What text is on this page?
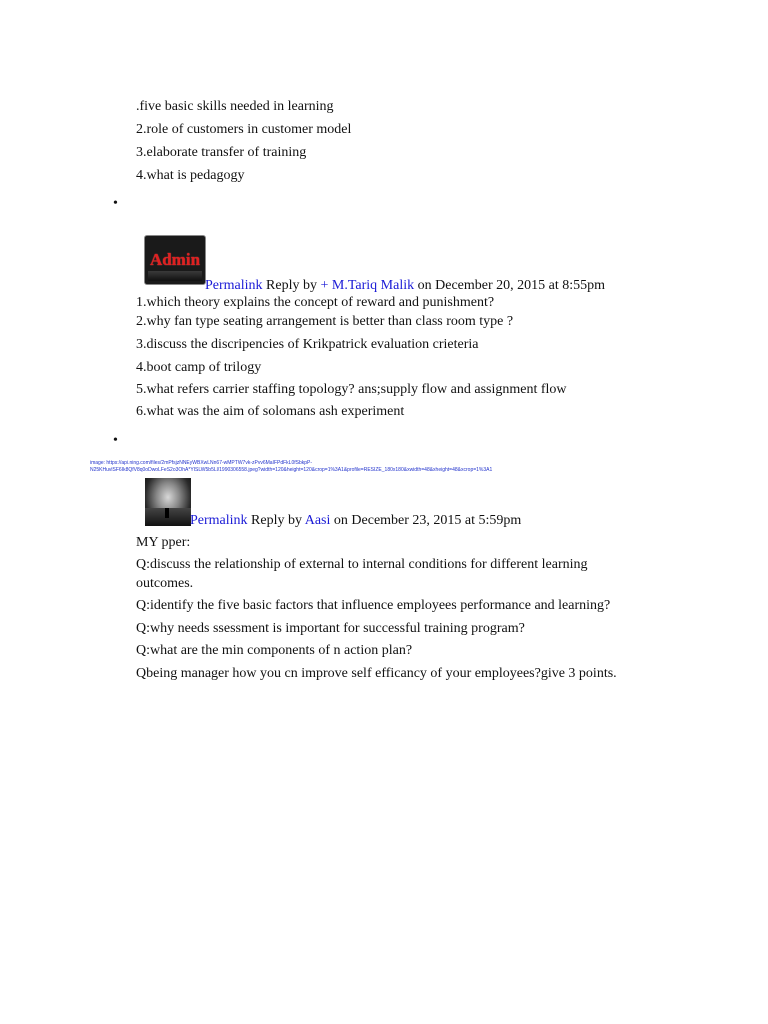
.five basic skills needed in learning
2.role of customers in customer model
3.elaborate transfer of training
4.what is pedagogy
•
Admin
Permalink Reply by + M.Tariq Malik on December 20, 2015 at 8:55pm
1.which theory explains the concept of reward and punishment?
2.why fan type seating arrangement is better than class room type ?
3.discuss the discripencies of Krikpatrick evaluation crieteria
4.boot camp of trilogy
5.what refers carrier staffing topology? ans;supply flow and assignment flow
6.what was the aim of solomans ash experiment
•
image: https://api.ning.com/files/2mPfsjzNNEyWBXwLNn67-wMPTW7vk-zPvv6MaIFPdFkL0fSbkpP-
N25KHuvlSF6Ik8QfV8q0oDwoLFeS2o3OhA*YISLW5b5Ll/1990306558.jpeg?width=120&height=120&crop=1%3A1&profile=RESIZE_180x180&xwidth=48&xheight=48&xcrop=1%3A1
Permalink Reply by Aasi on December 23, 2015 at 5:59pm
MY pper:
Q:discuss the relationship of external to internal conditions for different learning
outcomes.
Q:identify the five basic factors that influence employees performance and learning?
Q:why needs ssessment is important for successful training program?
Q:what are the min components of n action plan?
Qbeing manager how you cn improve self efficancy of your employees?give 3 points.
